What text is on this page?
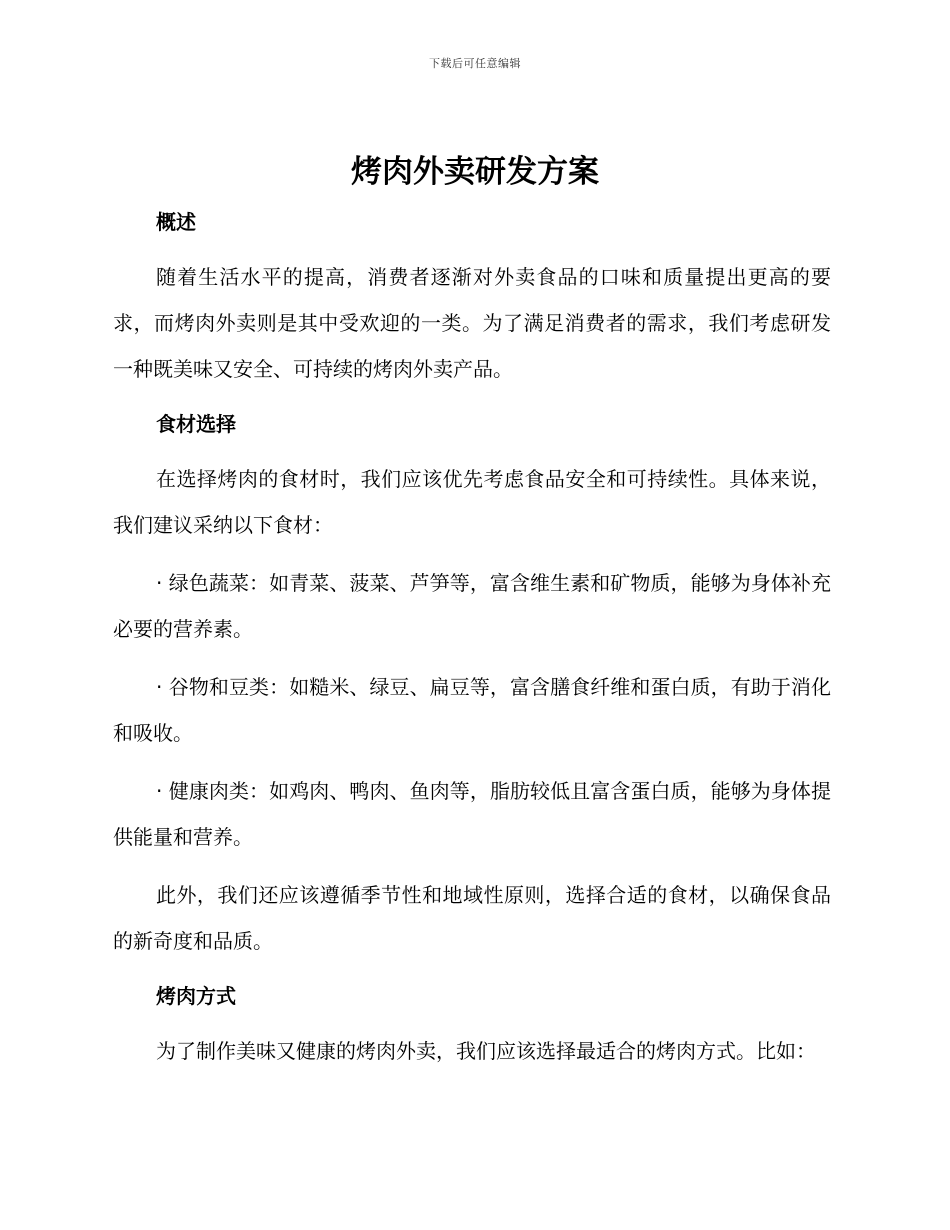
下载后可任意编辑
烤肉外卖研发方案
概述

随着生活水平的提高，消费者逐渐对外卖食品的口味和质量提出更高的要求，而烤肉外卖则是其中受欢迎的一类。为了满足消费者的需求，我们考虑研发一种既美味又安全、可持续的烤肉外卖产品。

食材选择

在选择烤肉的食材时，我们应该优先考虑食品安全和可持续性。具体来说，我们建议采纳以下食材：

· 绿色蔬菜：如青菜、菠菜、芦笋等，富含维生素和矿物质，能够为身体补充必要的营养素。

· 谷物和豆类：如糙米、绿豆、扁豆等，富含膳食纤维和蛋白质，有助于消化和吸收。

· 健康肉类：如鸡肉、鸭肉、鱼肉等，脂肪较低且富含蛋白质，能够为身体提供能量和营养。

此外，我们还应该遵循季节性和地域性原则，选择合适的食材，以确保食品的新奇度和品质。

烤肉方式

为了制作美味又健康的烤肉外卖，我们应该选择最适合的烤肉方式。比如：
